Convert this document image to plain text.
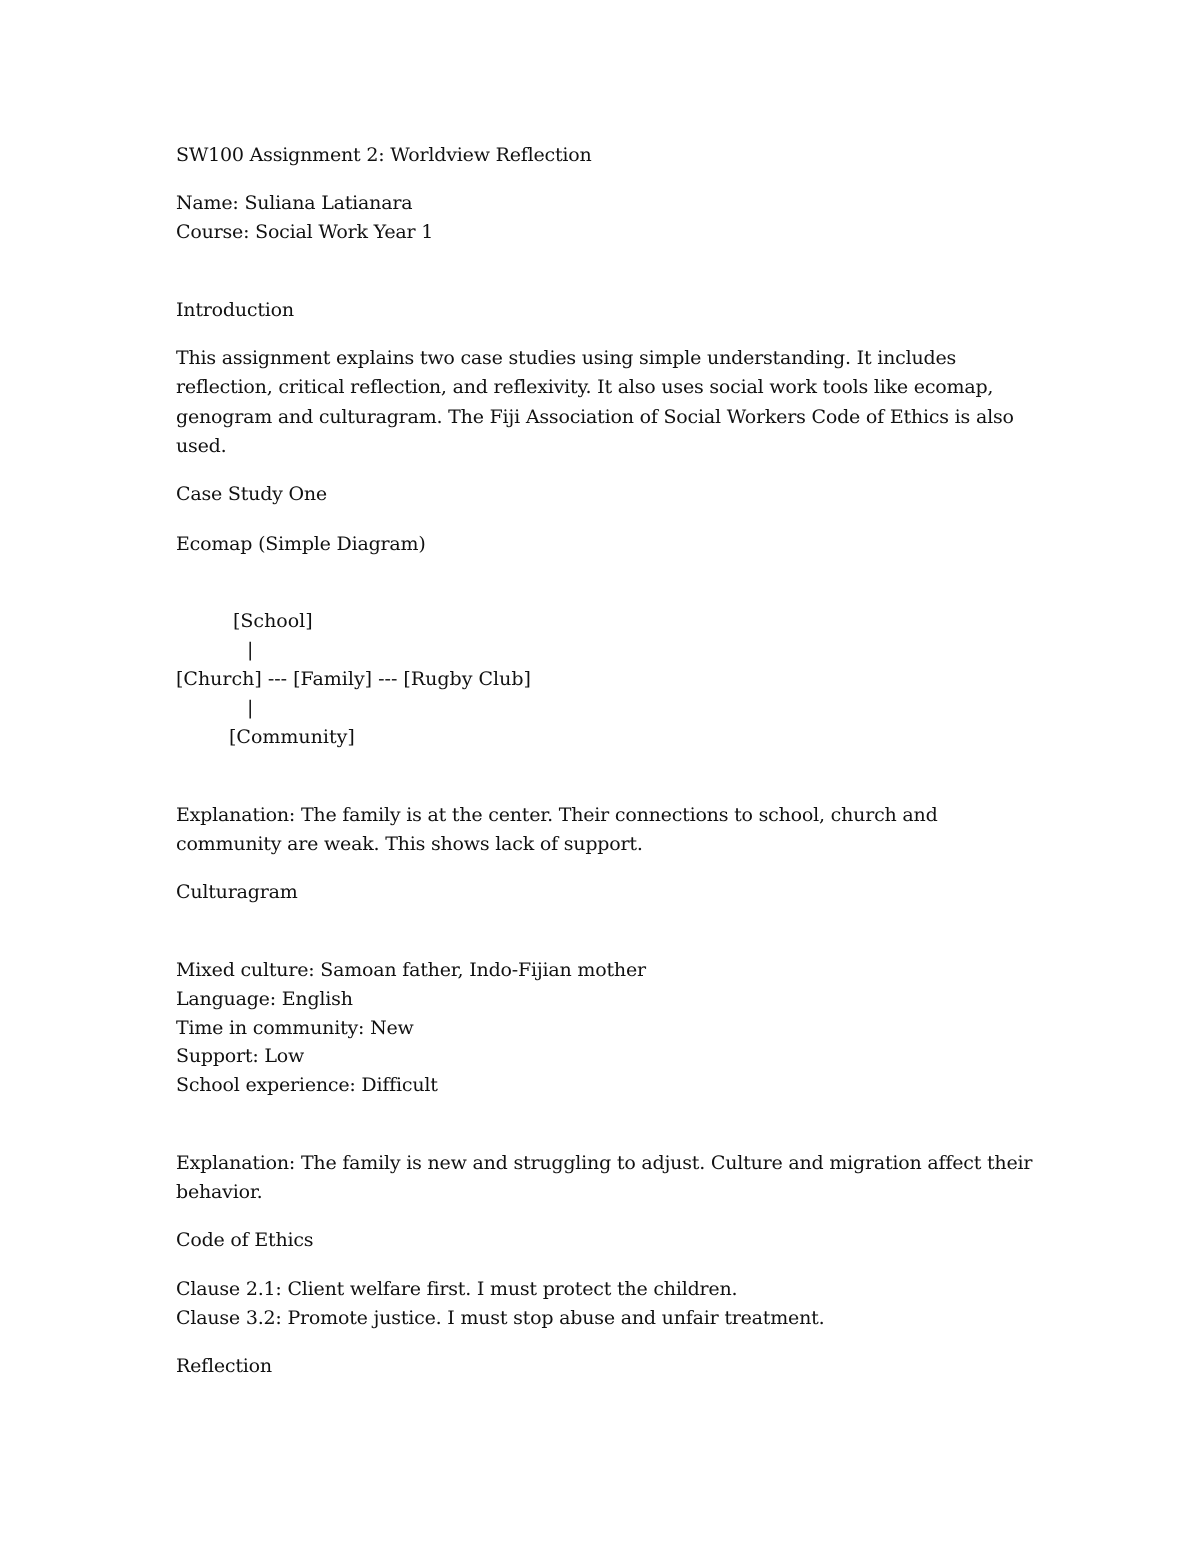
SW100 Assignment 2: Worldview Reflection
Name: Suliana Latianara
Course: Social Work Year 1
Introduction
This assignment explains two case studies using simple understanding. It includes reflection, critical reflection, and reflexivity. It also uses social work tools like ecomap, genogram and culturagram. The Fiji Association of Social Workers Code of Ethics is also used.
Case Study One
Ecomap (Simple Diagram)
[School]
|
[Church] --- [Family] --- [Rugby Club]
|
[Community]
Explanation: The family is at the center. Their connections to school, church and community are weak. This shows lack of support.
Culturagram
Mixed culture: Samoan father, Indo-Fijian mother
Language: English
Time in community: New
Support: Low
School experience: Difficult
Explanation: The family is new and struggling to adjust. Culture and migration affect their behavior.
Code of Ethics
Clause 2.1: Client welfare first. I must protect the children.
Clause 3.2: Promote justice. I must stop abuse and unfair treatment.
Reflection
